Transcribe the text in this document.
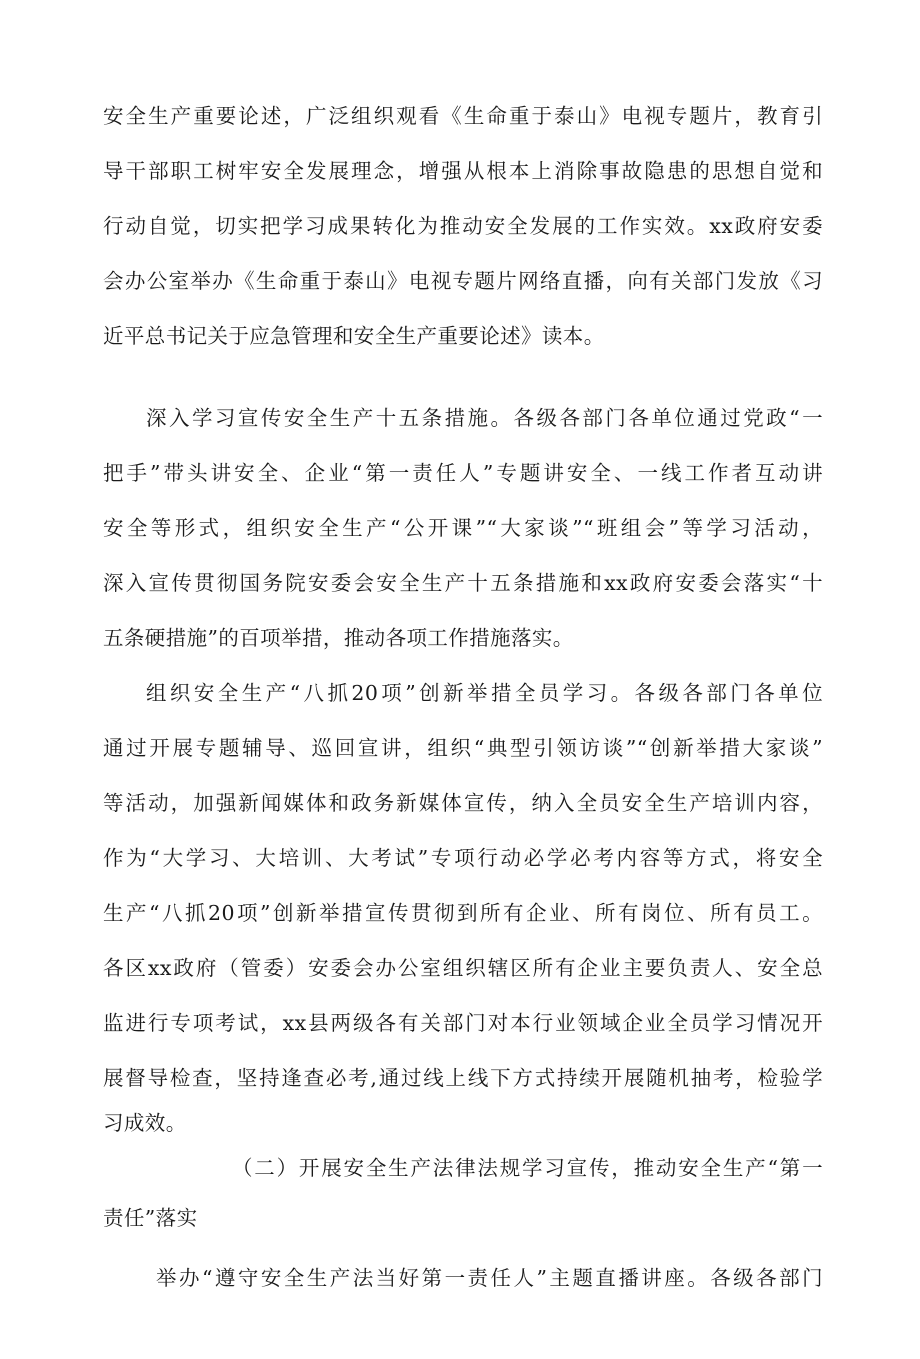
安全生产重要论述，广泛组织观看《生命重于泰山》电视专题片，教育引
导干部职工树牢安全发展理念，增强从根本上消除事故隐患的思想自觉和
行动自觉，切实把学习成果转化为推动安全发展的工作实效。xx政府安委
会办公室举办《生命重于泰山》电视专题片网络直播，向有关部门发放《习
近平总书记关于应急管理和安全生产重要论述》读本。
深入学习宣传安全生产十五条措施。各级各部门各单位通过党政“一
把手”带头讲安全、企业“第一责任人”专题讲安全、一线工作者互动讲
安全等形式，组织安全生产“公开课”“大家谈”“班组会”等学习活动，
深入宣传贯彻国务院安委会安全生产十五条措施和xx政府安委会落实“十
五条硬措施”的百项举措，推动各项工作措施落实。
组织安全生产“八抓20项”创新举措全员学习。各级各部门各单位
通过开展专题辅导、巡回宣讲，组织“典型引领访谈”“创新举措大家谈”
等活动，加强新闻媒体和政务新媒体宣传，纳入全员安全生产培训内容，
作为“大学习、大培训、大考试”专项行动必学必考内容等方式，将安全
生产“八抓20项”创新举措宣传贯彻到所有企业、所有岗位、所有员工。
各区xx政府（管委）安委会办公室组织辖区所有企业主要负责人、安全总
监进行专项考试，xx县两级各有关部门对本行业领域企业全员学习情况开
展督导检查，坚持逢查必考,通过线上线下方式持续开展随机抽考，检验学
习成效。
（二）开展安全生产法律法规学习宣传，推动安全生产“第一
责任”落实
举办“遵守安全生产法当好第一责任人”主题直播讲座。各级各部门
